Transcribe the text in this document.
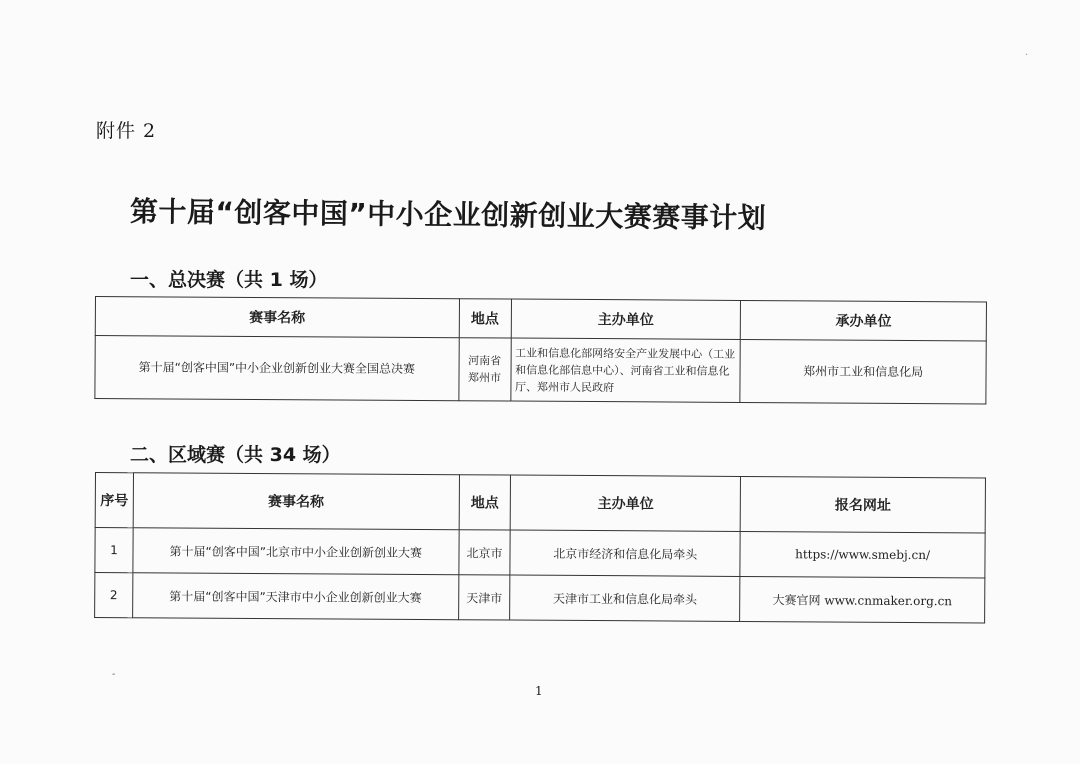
·
附件 2
第十届“创客中国”中小企业创新创业大赛赛事计划
一、总决赛（共 1 场）
赛事名称	地点	主办单位	承办单位
第十届“创客中国”中小企业创新创业大赛全国总决赛	河南省郑州市	工业和信息化部网络安全产业发展中心（工业和信息化部信息中心）、河南省工业和信息化厅、郑州市人民政府	郑州市工业和信息化局
二、区域赛（共 34 场）
序号	赛事名称	地点	主办单位	报名网址
1	第十届“创客中国”北京市中小企业创新创业大赛	北京市	北京市经济和信息化局牵头	https://www.smebj.cn/
2	第十届“创客中国”天津市中小企业创新创业大赛	天津市	天津市工业和信息化局牵头	大赛官网 www.cnmaker.org.cn
-
1
